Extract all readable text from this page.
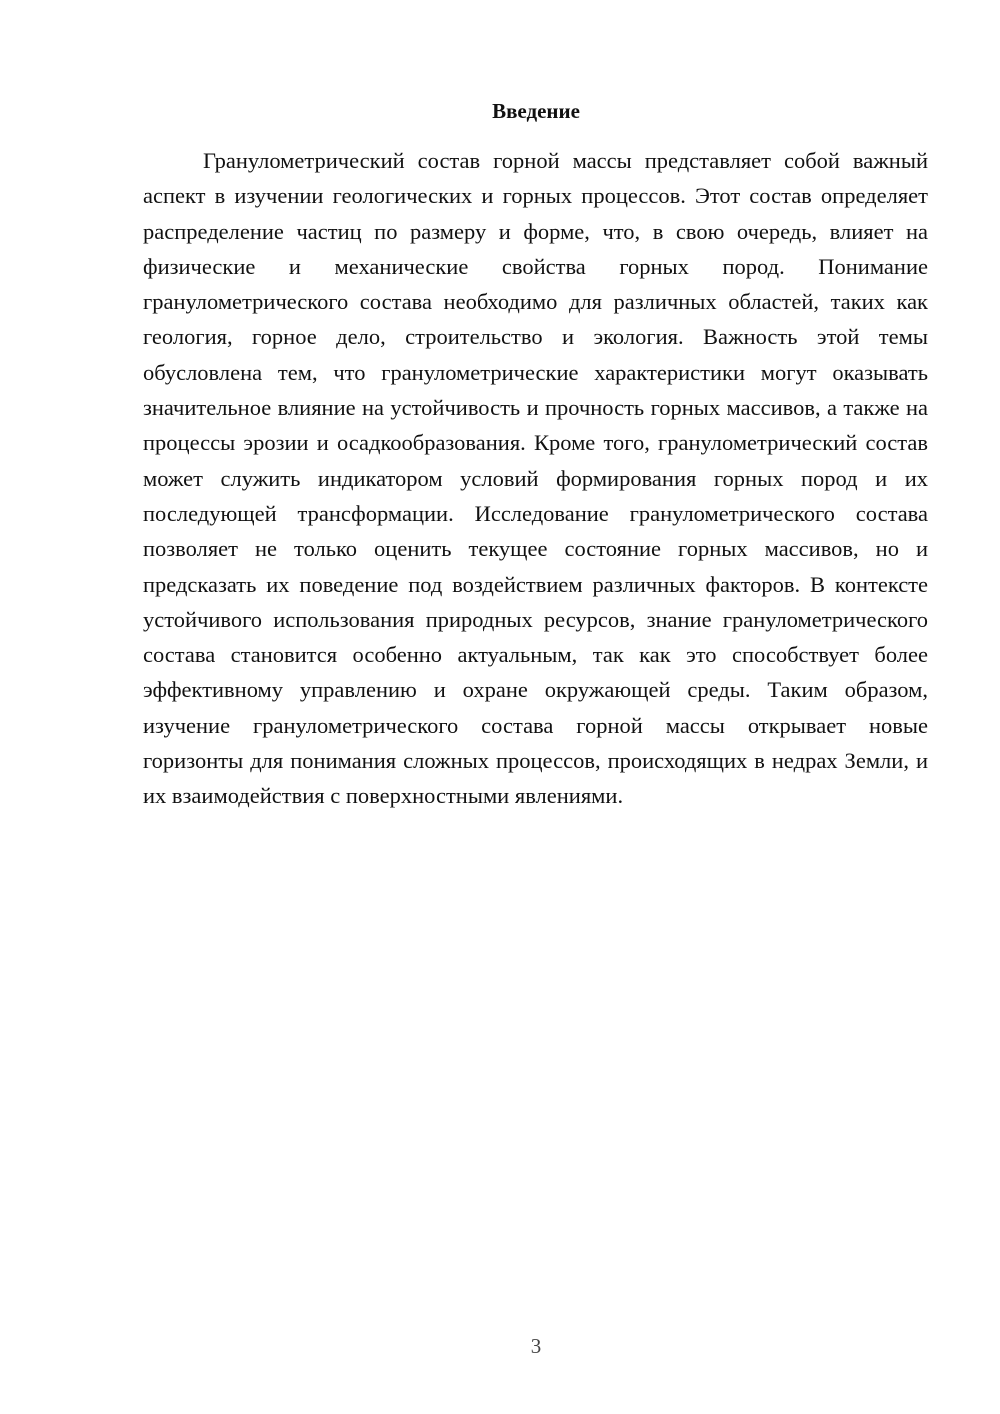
Введение

Гранулометрический состав горной массы представляет собой важный аспект в изучении геологических и горных процессов. Этот состав определяет распределение частиц по размеру и форме, что, в свою очередь, влияет на физические и механические свойства горных пород. Понимание гранулометрического состава необходимо для различных областей, таких как геология, горное дело, строительство и экология. Важность этой темы обусловлена тем, что гранулометрические характеристики могут оказывать значительное влияние на устойчивость и прочность горных массивов, а также на процессы эрозии и осадкообразования. Кроме того, гранулометрический состав может служить индикатором условий формирования горных пород и их последующей трансформации. Исследование гранулометрического состава позволяет не только оценить текущее состояние горных массивов, но и предсказать их поведение под воздействием различных факторов. В контексте устойчивого использования природных ресурсов, знание гранулометрического состава становится особенно актуальным, так как это способствует более эффективному управлению и охране окружающей среды. Таким образом, изучение гранулометрического состава горной массы открывает новые горизонты для понимания сложных процессов, происходящих в недрах Земли, и их взаимодействия с поверхностными явлениями.

3
